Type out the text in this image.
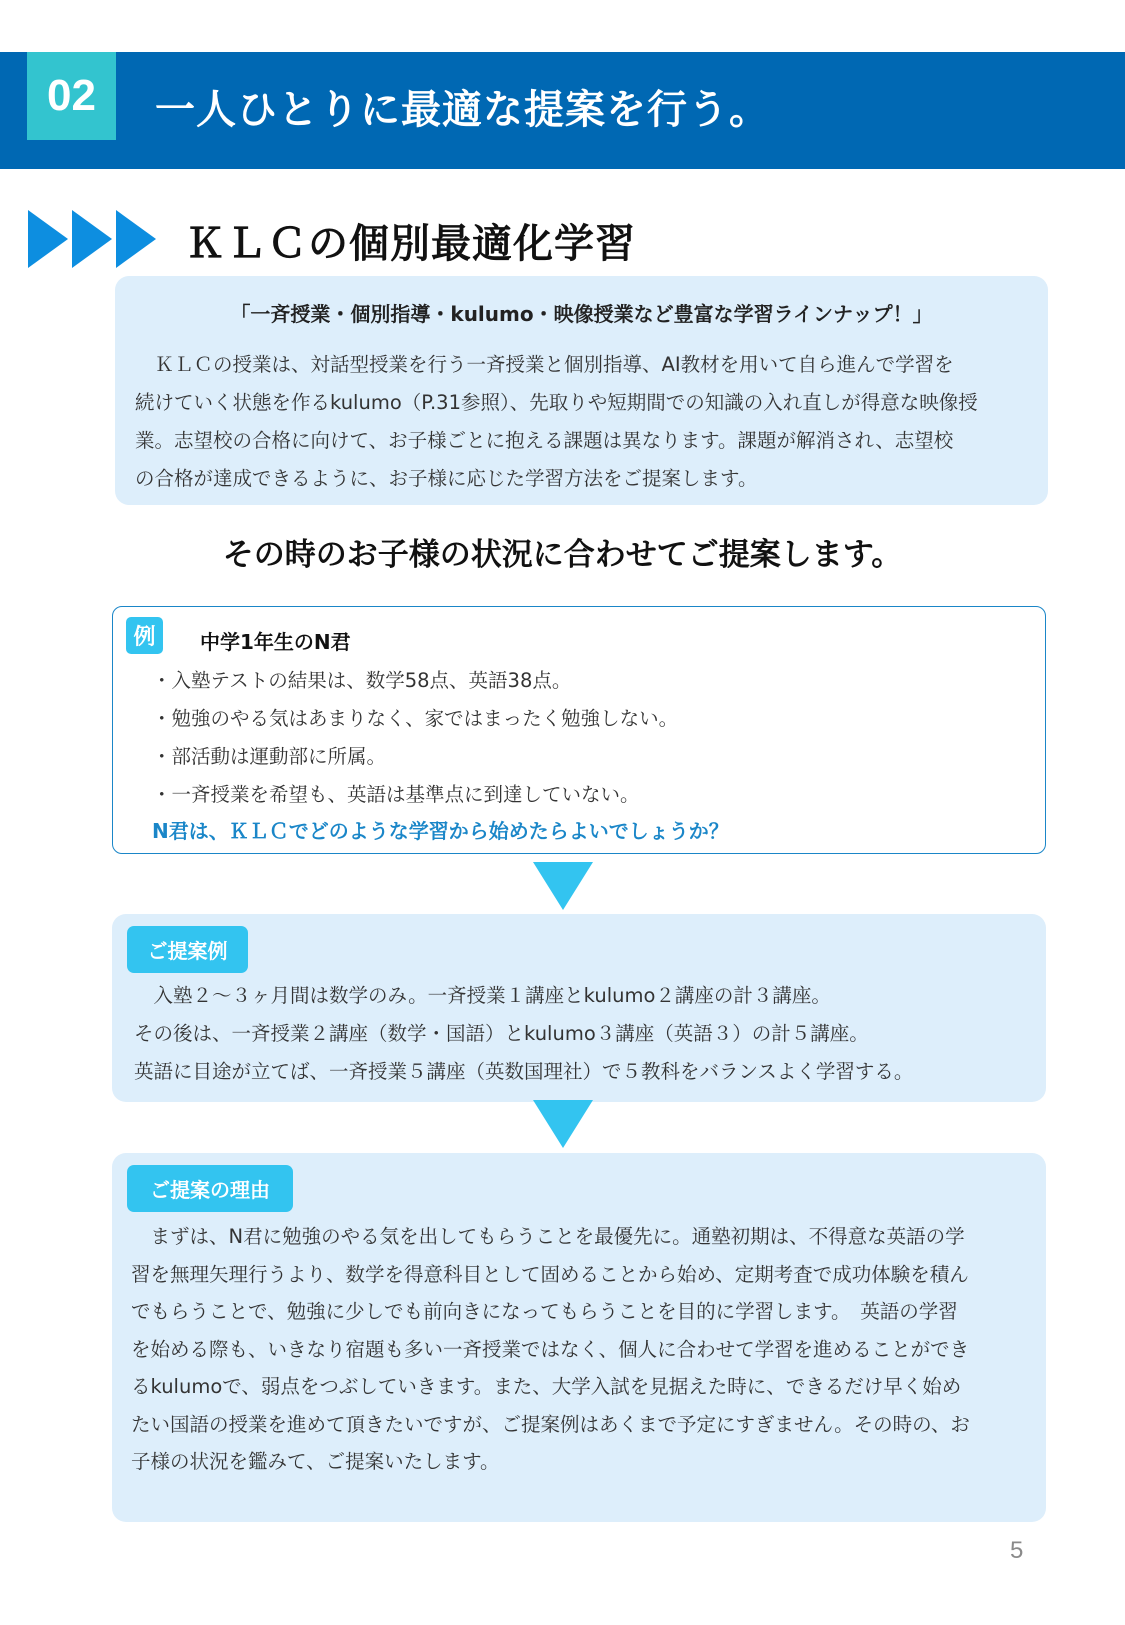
02	一人ひとりに最適な提案を行う。
ＫＬＣの個別最適化学習
「一斉授業・個別指導・kulumo・映像授業など豊富な学習ラインナップ！」
　ＫＬＣの授業は、対話型授業を行う一斉授業と個別指導、AI教材を用いて自ら進んで学習を
続けていく状態を作るkulumo（P.31参照）、先取りや短期間での知識の入れ直しが得意な映像授
業。志望校の合格に向けて、お子様ごとに抱える課題は異なります。課題が解消され、志望校
の合格が達成できるように、お子様に応じた学習方法をご提案します。
その時のお子様の状況に合わせてご提案します。
例	中学1年生のN君
・入塾テストの結果は、数学58点、英語38点。
・勉強のやる気はあまりなく、家ではまったく勉強しない。
・部活動は運動部に所属。
・一斉授業を希望も、英語は基準点に到達していない。
N君は、ＫＬＣでどのような学習から始めたらよいでしょうか？
ご提案例
　入塾２～３ヶ月間は数学のみ。一斉授業１講座とkulumo２講座の計３講座。
その後は、一斉授業２講座（数学・国語）とkulumo３講座（英語３）の計５講座。
英語に目途が立てば、一斉授業５講座（英数国理社）で５教科をバランスよく学習する。
ご提案の理由
　まずは、N君に勉強のやる気を出してもらうことを最優先に。通塾初期は、不得意な英語の学
習を無理矢理行うより、数学を得意科目として固めることから始め、定期考査で成功体験を積ん
でもらうことで、勉強に少しでも前向きになってもらうことを目的に学習します。　英語の学習
を始める際も、いきなり宿題も多い一斉授業ではなく、個人に合わせて学習を進めることができ
るkulumoで、弱点をつぶしていきます。また、大学入試を見据えた時に、できるだけ早く始め
たい国語の授業を進めて頂きたいですが、ご提案例はあくまで予定にすぎません。その時の、お
子様の状況を鑑みて、ご提案いたします。
5
